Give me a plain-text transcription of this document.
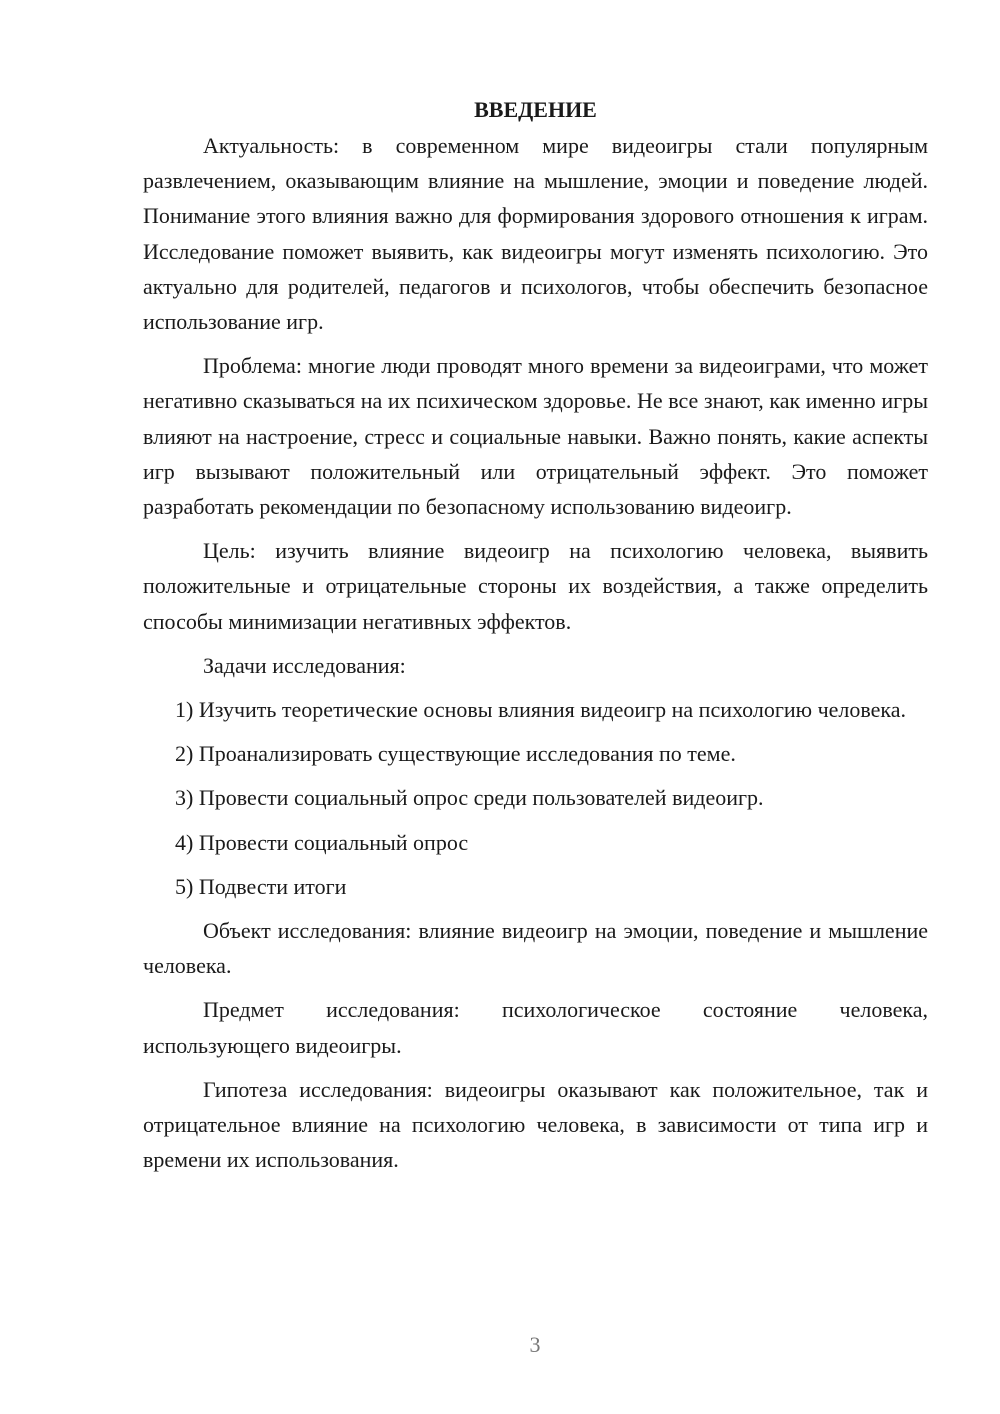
ВВЕДЕНИЕ

Актуальность: в современном мире видеоигры стали популярным развлечением, оказывающим влияние на мышление, эмоции и поведение людей. Понимание этого влияния важно для формирования здорового отношения к играм. Исследование поможет выявить, как видеоигры могут изменять психологию. Это актуально для родителей, педагогов и психологов, чтобы обеспечить безопасное использование игр.

Проблема: многие люди проводят много времени за видеоиграми, что может негативно сказываться на их психическом здоровье. Не все знают, как именно игры влияют на настроение, стресс и социальные навыки. Важно понять, какие аспекты игр вызывают положительный или отрицательный эффект. Это поможет разработать рекомендации по безопасному использованию видеоигр.

Цель: изучить влияние видеоигр на психологию человека, выявить положительные и отрицательные стороны их воздействия, а также определить способы минимизации негативных эффектов.

Задачи исследования:

1) Изучить теоретические основы влияния видеоигр на психологию человека.

2) Проанализировать существующие исследования по теме.

3) Провести социальный опрос среди пользователей видеоигр.

4) Провести социальный опрос

5) Подвести итоги

Объект исследования: влияние видеоигр на эмоции, поведение и мышление человека.

Предмет исследования: психологическое состояние человека, использующего видеоигры.

Гипотеза исследования: видеоигры оказывают как положительное, так и отрицательное влияние на психологию человека, в зависимости от типа игр и времени их использования.

3
